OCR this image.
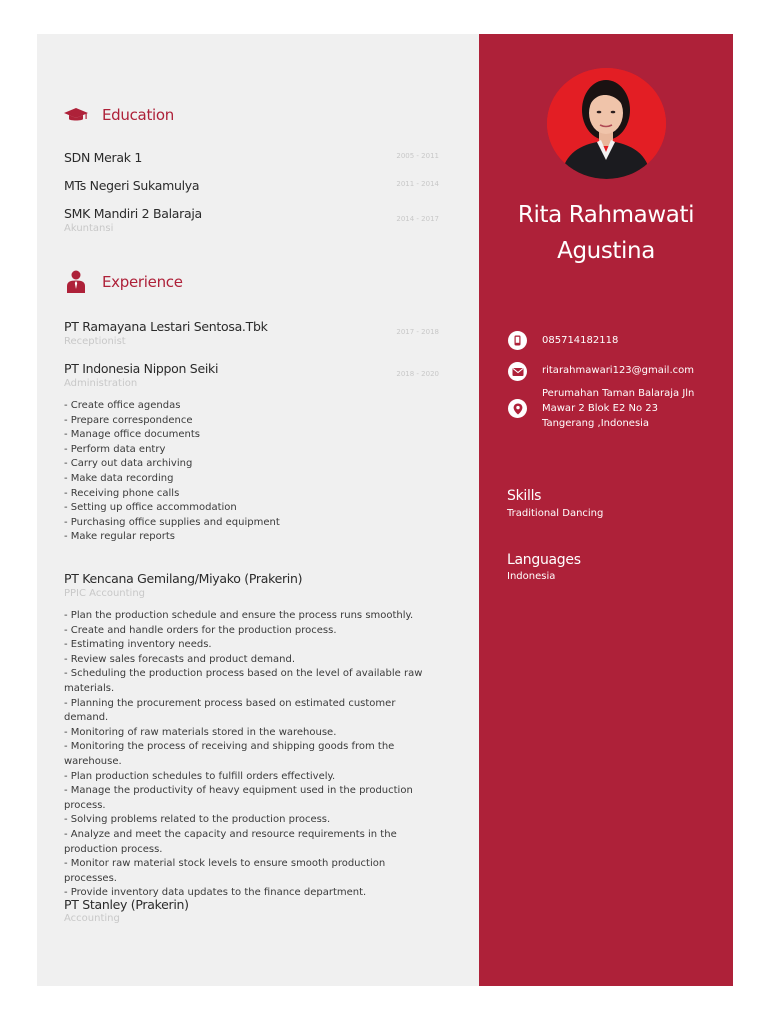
Education
SDN Merak 1	2005 - 2011
MTs Negeri Sukamulya	2011 - 2014
SMK Mandiri 2 Balaraja	2014 - 2017
Akuntansi
Experience
PT Ramayana Lestari Sentosa.Tbk	2017 - 2018
Receptionist
PT Indonesia Nippon Seiki	2018 - 2020
Administration
- Create office agendas
- Prepare correspondence
- Manage office documents
- Perform data entry
- Carry out data archiving
- Make data recording
- Receiving phone calls
- Setting up office accommodation
- Purchasing office supplies and equipment
- Make regular reports
PT Kencana Gemilang/Miyako (Prakerin)
PPIC Accounting
- Plan the production schedule and ensure the process runs smoothly.
- Create and handle orders for the production process.
- Estimating inventory needs.
- Review sales forecasts and product demand.
- Scheduling the production process based on the level of available raw materials.
- Planning the procurement process based on estimated customer demand.
- Monitoring of raw materials stored in the warehouse.
- Monitoring the process of receiving and shipping goods from the warehouse.
- Plan production schedules to fulfill orders effectively.
- Manage the productivity of heavy equipment used in the production process.
- Solving problems related to the production process.
- Analyze and meet the capacity and resource requirements in the production process.
- Monitor raw material stock levels to ensure smooth production processes.
- Provide inventory data updates to the finance department.
PT Stanley (Prakerin)
Accounting
Rita Rahmawati
Agustina
085714182118
ritarahmawari123@gmail.com
Perumahan Taman Balaraja Jln Mawar 2 Blok E2 No 23 Tangerang ,Indonesia
Skills
Traditional Dancing
Languages
Indonesia
